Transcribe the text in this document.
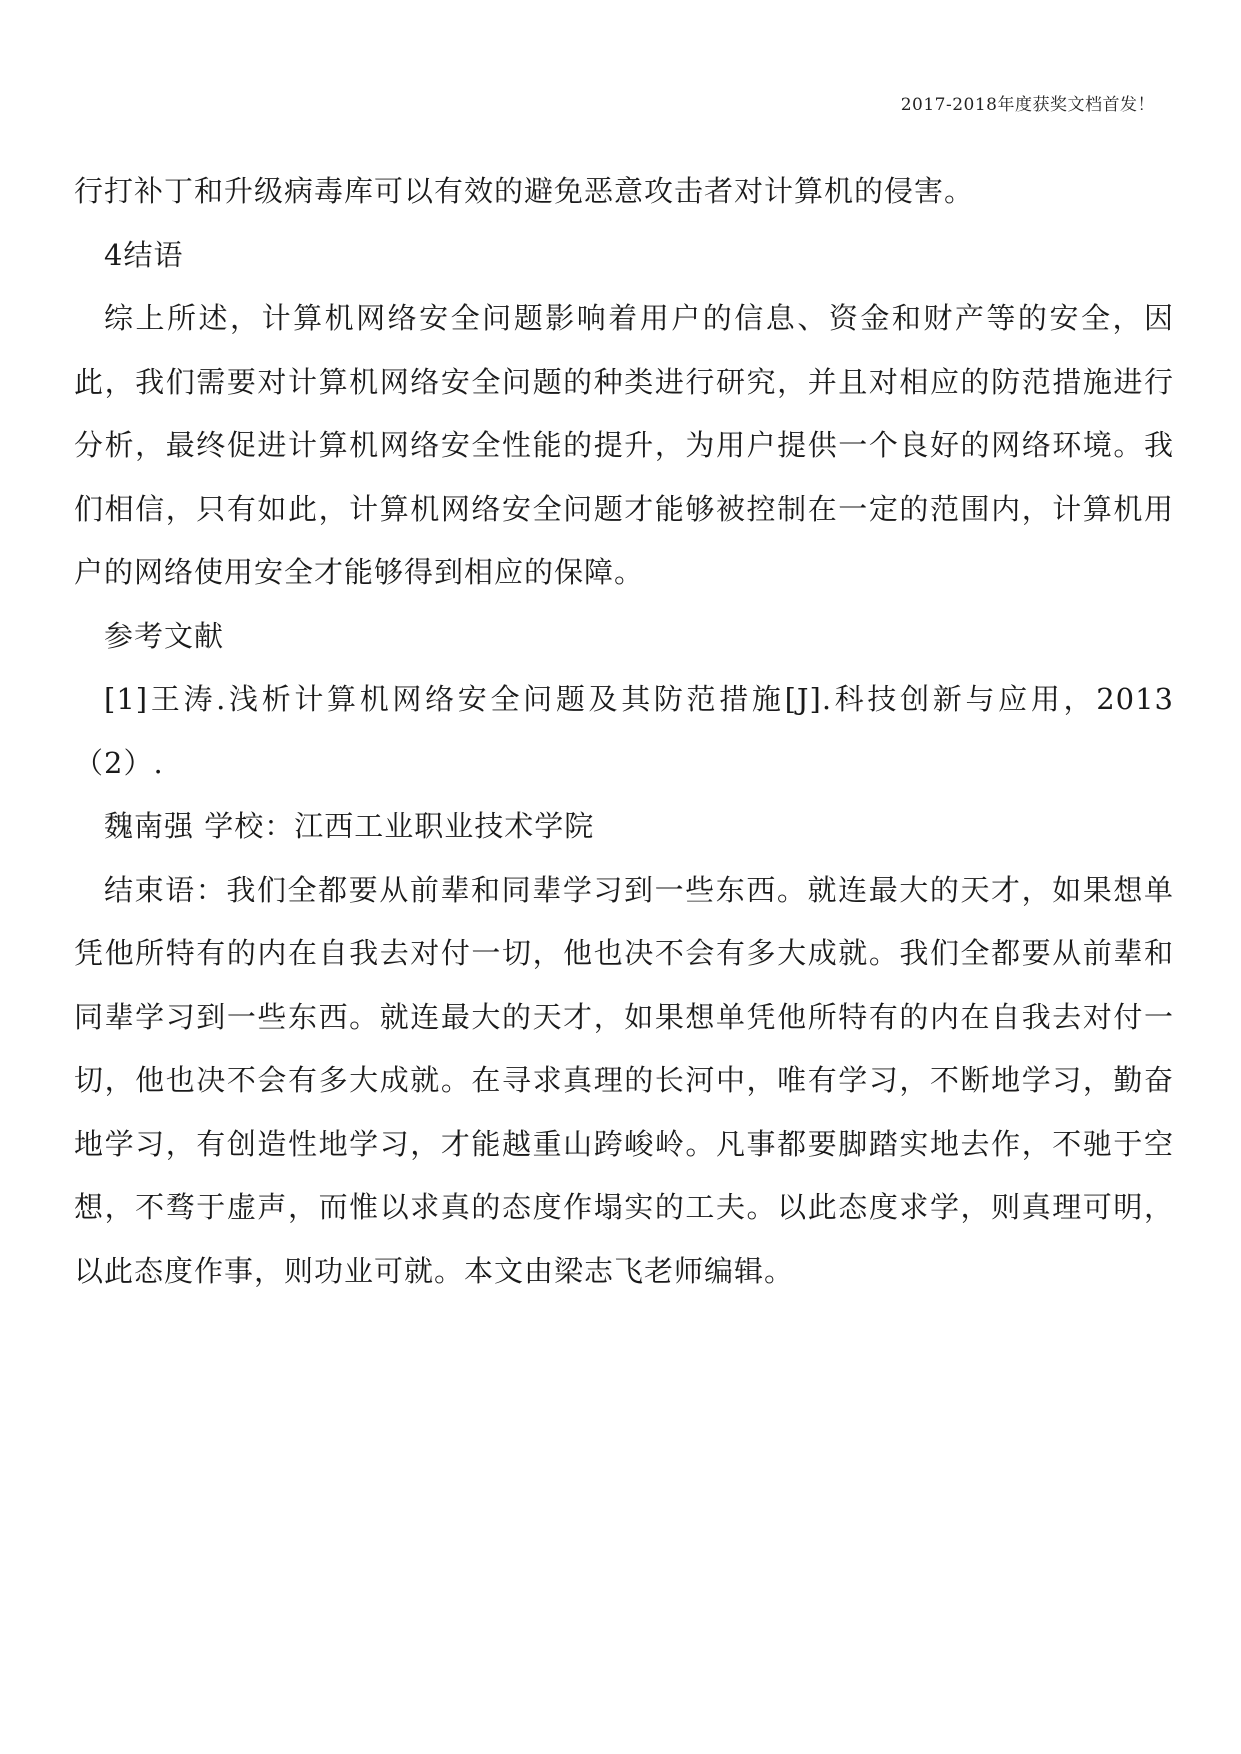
2017-2018年度获奖文档首发！

行打补丁和升级病毒库可以有效的避免恶意攻击者对计算机的侵害。

4结语

综上所述，计算机网络安全问题影响着用户的信息、资金和财产等的安全，因此，我们需要对计算机网络安全问题的种类进行研究，并且对相应的防范措施进行分析，最终促进计算机网络安全性能的提升，为用户提供一个良好的网络环境。我们相信，只有如此，计算机网络安全问题才能够被控制在一定的范围内，计算机用户的网络使用安全才能够得到相应的保障。

参考文献

[1]王涛.浅析计算机网络安全问题及其防范措施[J].科技创新与应用，2013（2）.

魏南强 学校：江西工业职业技术学院

结束语：我们全都要从前辈和同辈学习到一些东西。就连最大的天才，如果想单凭他所特有的内在自我去对付一切，他也决不会有多大成就。我们全都要从前辈和同辈学习到一些东西。就连最大的天才，如果想单凭他所特有的内在自我去对付一切，他也决不会有多大成就。在寻求真理的长河中，唯有学习，不断地学习，勤奋地学习，有创造性地学习，才能越重山跨峻岭。凡事都要脚踏实地去作，不驰于空想，不骛于虚声，而惟以求真的态度作塌实的工夫。以此态度求学，则真理可明，以此态度作事，则功业可就。本文由梁志飞老师编辑。
